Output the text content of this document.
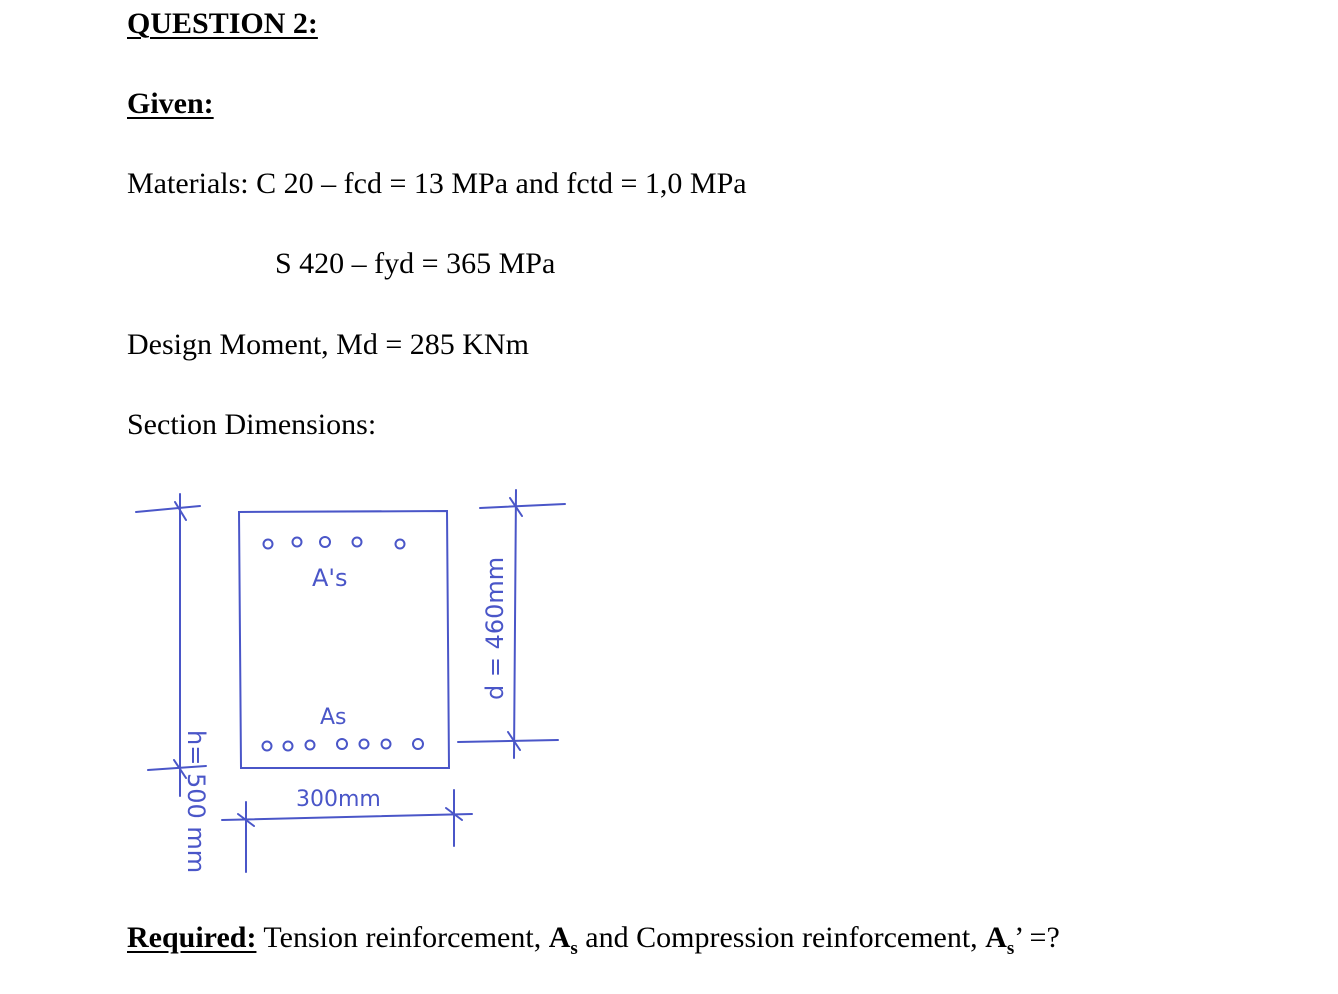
QUESTION 2:
Given:
Materials: C 20 – fcd = 13 MPa and fctd = 1,0 MPa
S 420 – fyd = 365 MPa
Design Moment, Md = 285 KNm
Section Dimensions:
A's
As
300mm
h= 500 mm
d = 460mm
Required: Tension reinforcement, $A_s$ and Compression reinforcement, $A_s$’ =?
